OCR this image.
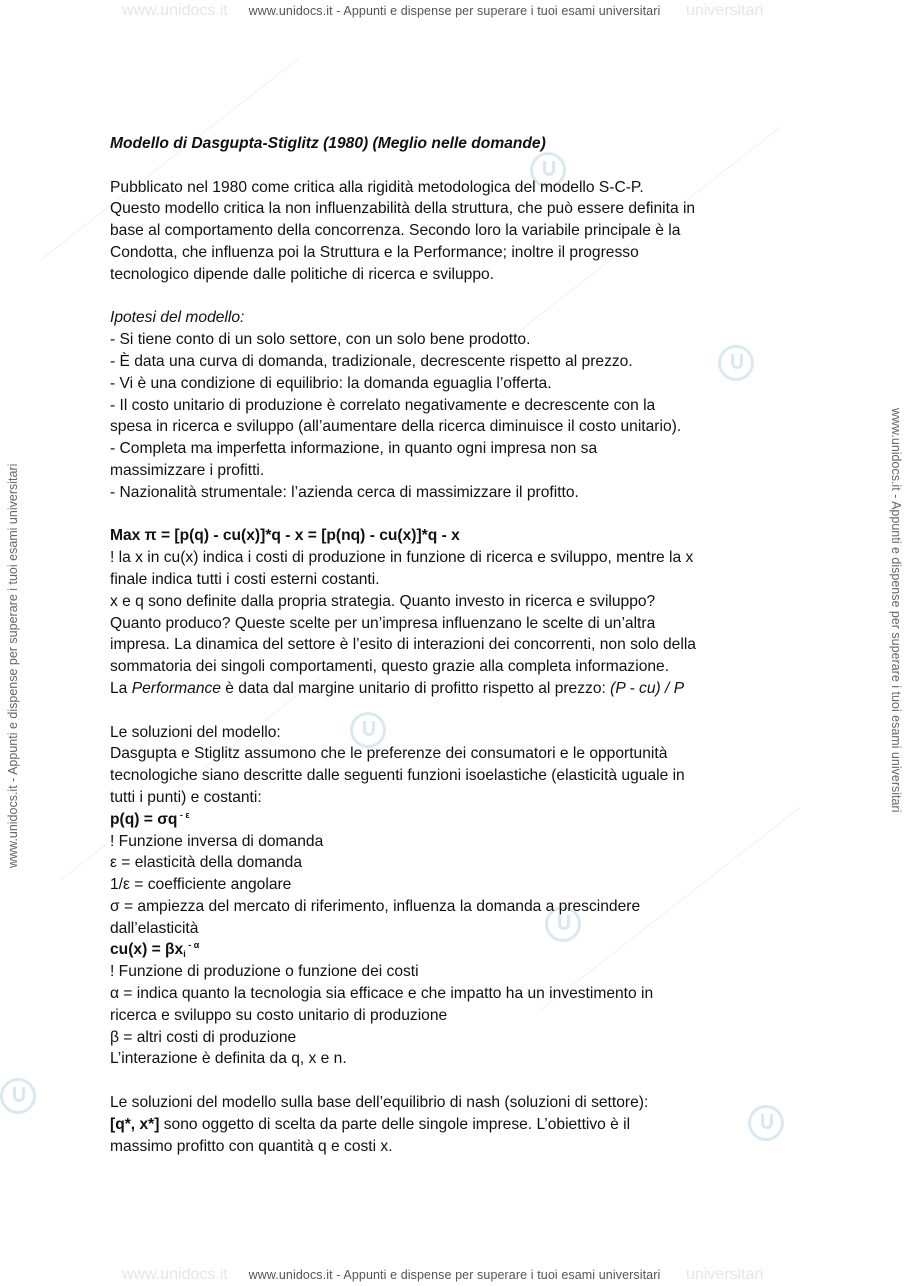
www.unidocs.it	universitari
www.unidocs.it - Appunti e dispense per superare i tuoi esami universitari
www.unidocs.it	universitari
www.unidocs.it - Appunti e dispense per superare i tuoi esami universitari
www.unidocs.it - Appunti e dispense per superare i tuoi esami universitari	www.unidocs.it - Appunti e dispense per superare i tuoi esami universitari

Modello di Dasgupta-Stiglitz (1980) (Meglio nelle domande)

Pubblicato nel 1980 come critica alla rigidità metodologica del modello S-C-P.

Questo modello critica la non influenzabilità della struttura, che può essere definita in

base al comportamento della concorrenza. Secondo loro la variabile principale è la

Condotta, che influenza poi la Struttura e la Performance; inoltre il progresso

tecnologico dipende dalle politiche di ricerca e sviluppo.

Ipotesi del modello:

- Si tiene conto di un solo settore, con un solo bene prodotto.

- È data una curva di domanda, tradizionale, decrescente rispetto al prezzo.

- Vi è una condizione di equilibrio: la domanda eguaglia l’offerta.

- Il costo unitario di produzione è correlato negativamente e decrescente con la

spesa in ricerca e sviluppo (all’aumentare della ricerca diminuisce il costo unitario).

- Completa ma imperfetta informazione, in quanto ogni impresa non sa

massimizzare i profitti.

- Nazionalità strumentale: l’azienda cerca di massimizzare il profitto.

Max π = [p(q) - cu(x)]*q - x = [p(nq) - cu(x)]*q - x

! la x in cu(x) indica i costi di produzione in funzione di ricerca e sviluppo, mentre la x

finale indica tutti i costi esterni costanti.

x e q sono definite dalla propria strategia. Quanto investo in ricerca e sviluppo?

Quanto produco? Queste scelte per un’impresa influenzano le scelte di un’altra

impresa. La dinamica del settore è l’esito di interazioni dei concorrenti, non solo della

sommatoria dei singoli comportamenti, questo grazie alla completa informazione.

La Performance è data dal margine unitario di profitto rispetto al prezzo: (P - cu) / P

Le soluzioni del modello:

Dasgupta e Stiglitz assumono che le preferenze dei consumatori e le opportunità

tecnologiche siano descritte dalle seguenti funzioni isoelastiche (elasticità uguale in

tutti i punti) e costanti:

p(q) = σq $^{- \varepsilon}$

! Funzione inversa di domanda

ε = elasticità della domanda

1/ε = coefficiente angolare

σ = ampiezza del mercato di riferimento, influenza la domanda a prescindere

dall’elasticità

$cu(x) = \beta x_i$ $^{- \alpha}$

! Funzione di produzione o funzione dei costi

α = indica quanto la tecnologia sia efficace e che impatto ha un investimento in

ricerca e sviluppo su costo unitario di produzione

β = altri costi di produzione

L’interazione è definita da q, x e n.

Le soluzioni del modello sulla base dell’equilibrio di nash (soluzioni di settore):

[q*, x*] sono oggetto di scelta da parte delle singole imprese. L’obiettivo è il

massimo profitto con quantità q e costi x.
